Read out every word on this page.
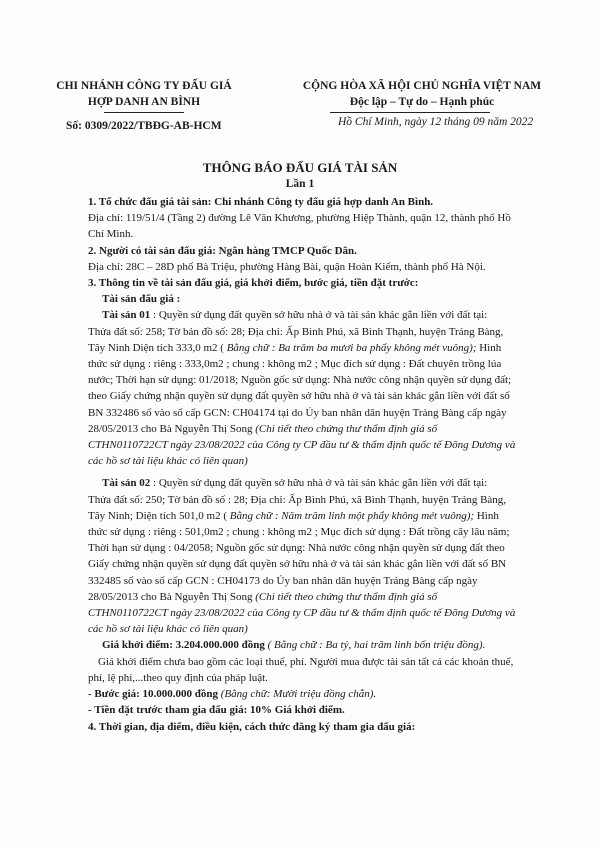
CHI NHÁNH CÔNG TY ĐẤU GIÁ
HỢP DANH AN BÌNH
CỘNG HÒA XÃ HỘI CHỦ NGHĨA VIỆT NAM
Độc lập – Tự do – Hạnh phúc
Số: 0309/2022/TBĐG-AB-HCM	Hồ Chí Minh, ngày 12 tháng 09 năm 2022
THÔNG BÁO ĐẤU GIÁ TÀI SẢN
Lần 1

1. Tổ chức đấu giá tài sản: Chi nhánh Công ty đấu giá hợp danh An Bình.

Địa chỉ: 119/51/4 (Tầng 2) đường Lê Văn Khương, phường Hiệp Thành, quận 12, thành phố Hồ

Chí Minh.

2. Người có tài sản đấu giá: Ngân hàng TMCP Quốc Dân.

Địa chỉ: 28C – 28D phố Bà Triệu, phường Hàng Bài, quận Hoàn Kiếm, thành phố Hà Nội.

3. Thông tin về tài sản đấu giá, giá khởi điểm, bước giá, tiền đặt trước:

Tài sản đấu giá :

Tài sản 01 : Quyền sử dụng đất quyền sở hữu nhà ở và tài sản khác gắn liền với đất tại:

Thửa đất số: 258; Tờ bản đồ số: 28; Địa chỉ: Ấp Bình Phú, xã Bình Thạnh, huyện Trảng Bàng,

Tây Ninh Diện tích 333,0 m2 ( Bằng chữ : Ba trăm ba mươi ba phẩy không mét vuông); Hình

thức sử dụng : riêng : 333,0m2 ; chung : không m2 ; Mục đích sử dụng : Đất chuyên trồng lúa

nước; Thời hạn sử dụng: 01/2018; Nguồn gốc sử dụng: Nhà nước công nhận quyền sử dụng đất;

theo Giấy chứng nhận quyền sử dụng đất quyền sở hữu nhà ở và tài sản khác gắn liền với đất số

BN 332486 số vào số cấp GCN: CH04174 tại do Ủy ban nhân dân huyện Trảng Bàng cấp ngày

28/05/2013 cho Bà Nguyễn Thị Song (Chi tiết theo chứng thư thẩm định giá số

CTHN0110722CT ngày 23/08/2022 của Công ty CP đầu tư & thẩm định quốc tế Đông Dương và

các hồ sơ tài liệu khác có liên quan)

Tài sản 02 : Quyền sử dụng đất quyền sở hữu nhà ở và tài sản khác gắn liền với đất tại:

Thửa đất số: 250; Tờ bản đồ số : 28; Địa chỉ: Ấp Bình Phú, xã Bình Thạnh, huyện Trảng Bàng,

Tây Ninh; Diện tích 501,0 m2 ( Bằng chữ : Năm trăm linh một phẩy không mét vuông); Hình

thức sử dụng : riêng : 501,0m2 ; chung : không m2 ; Mục đích sử dụng : Đất trồng cây lâu năm;

Thời hạn sử dụng : 04/2058; Nguồn gốc sử dụng: Nhà nước công nhận quyền sử dụng đất theo

Giấy chứng nhận quyền sử dụng đất quyền sở hữu nhà ở và tài sản khác gắn liền với đất số BN

332485 số vào số cấp GCN : CH04173 do Ủy ban nhân dân huyện Trảng Bàng cấp ngày

28/05/2013 cho Bà Nguyễn Thị Song (Chi tiết theo chứng thư thẩm định giá số

CTHN0110722CT ngày 23/08/2022 của Công ty CP đầu tư & thẩm định quốc tế Đông Dương và

các hồ sơ tài liệu khác có liên quan)

Giá khởi điểm: 3.204.000.000 đồng ( Bằng chữ : Ba tỷ, hai trăm linh bốn triệu đồng).

Giá khởi điểm chưa bao gồm các loại thuế, phí. Người mua được tài sản tất cả các khoản thuế,

phí, lệ phí,...theo quy định của pháp luật.

- Bước giá: 10.000.000 đồng (Bằng chữ: Mười triệu đồng chẵn).

- Tiền đặt trước tham gia đấu giá: 10% Giá khởi điểm.

4. Thời gian, địa điểm, điều kiện, cách thức đăng ký tham gia đấu giá:
